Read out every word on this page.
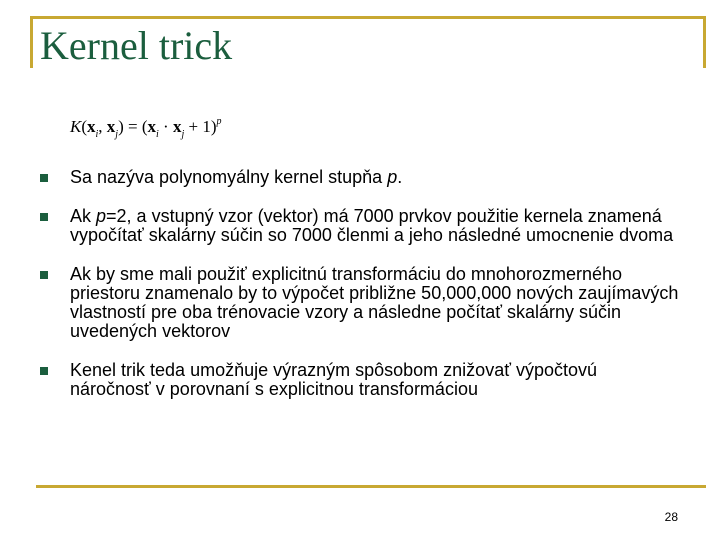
Kernel trick
$K(x_i$, $x_j) = (x_i \cdot x_j + 1)^p$
Sa nazýva polynomyálny kernel stupňa p.
Ak p=2, a vstupný vzor (vektor) má 7000 prvkov použitie kernela znamená vypočítať skalárny súčin so 7000 členmi a jeho následné umocnenie dvoma
Ak by sme mali použiť explicitnú transformáciu do mnohorozmerného priestoru znamenalo by to výpočet približne 50,000,000 nových zaujímavých vlastností pre oba trénovacie vzory a následne počítať skalárny súčin uvedených vektorov
Kenel trik teda umožňuje výrazným spôsobom znižovať výpočtovú náročnosť v porovnaní s explicitnou transformáciou
28
